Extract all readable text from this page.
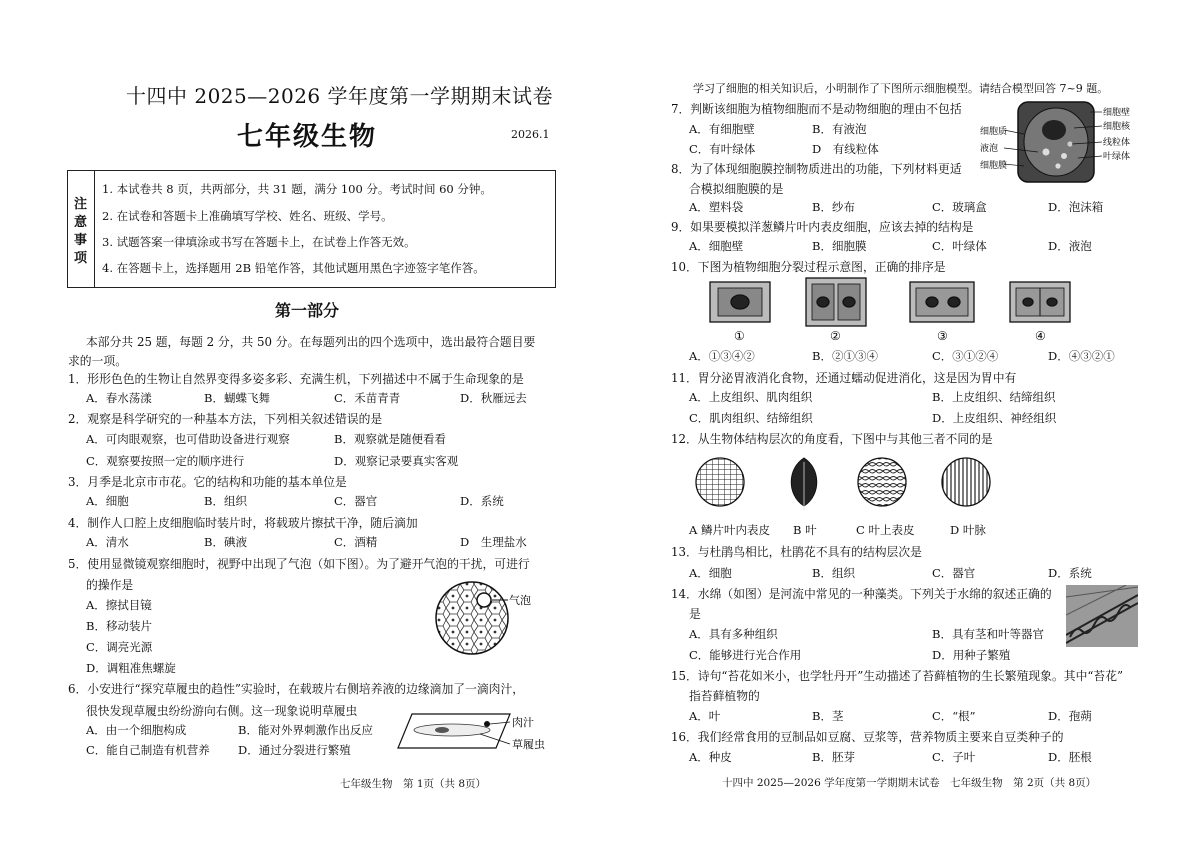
十四中 2025—2026 学年度第一学期期末试卷
七年级生物	2026.1
注
意
事
项
1. 本试卷共 8 页，共两部分，共 31 题，满分 100 分。考试时间 60 分钟。
2. 在试卷和答题卡上准确填写学校、姓名、班级、学号。
3. 试题答案一律填涂或书写在答题卡上，在试卷上作答无效。
4. 在答题卡上，选择题用 2B 铅笔作答，其他试题用黑色字迹签字笔作答。
第一部分
本部分共 25 题，每题 2 分，共 50 分。在每题列出的四个选项中，选出最符合题目要
求的一项。
1．形形色色的生物让自然界变得多姿多彩、充满生机，下列描述中不属于生命现象的是
A．春水荡漾	B．蝴蝶飞舞	C．禾苗青青	D．秋雁远去
2．观察是科学研究的一种基本方法，下列相关叙述错误的是
A．可肉眼观察，也可借助设备进行观察	B．观察就是随便看看
C．观察要按照一定的顺序进行	D．观察记录要真实客观
3．月季是北京市市花。它的结构和功能的基本单位是
A．细胞	B．组织	C．器官	D．系统
4．制作人口腔上皮细胞临时装片时，将载玻片擦拭干净，随后滴加
A．清水	B．碘液	C．酒精	D　生理盐水
5．使用显微镜观察细胞时，视野中出现了气泡（如下图）。为了避开气泡的干扰，可进行
的操作是
A．擦拭目镜
B．移动装片
C．调亮光源
D．调粗准焦螺旋
气泡
6．小安进行“探究草履虫的趋性”实验时，在载玻片右侧培养液的边缘滴加了一滴肉汁，
很快发现草履虫纷纷游向右侧。这一现象说明草履虫
A．由一个细胞构成	B．能对外界刺激作出反应
C．能自己制造有机营养 D．通过分裂进行繁殖
肉汁
草履虫
七年级生物　第 1页（共 8页）
学习了细胞的相关知识后，小明制作了下图所示细胞模型。请结合模型回答 7~9 题。
7．判断该细胞为植物细胞而不是动物细胞的理由不包括
A．有细胞壁	B．有液泡
C．有叶绿体	D　有线粒体
细胞质
液泡
细胞膜
细胞壁
细胞核
线粒体
叶绿体
8．为了体现细胞膜控制物质进出的功能，下列材料更适
合模拟细胞膜的是
A．塑料袋	B．纱布	C．玻璃盒	D．泡沫箱
9．如果要模拟洋葱鳞片叶内表皮细胞，应该去掉的结构是
A．细胞壁	B．细胞膜	C．叶绿体	D．液泡
10．下图为植物细胞分裂过程示意图，正确的排序是
①	②	③	④
A．①③④②	B．②①③④	C．③①②④	D．④③②①
11．胃分泌胃液消化食物，还通过蠕动促进消化，这是因为胃中有
A．上皮组织、肌肉组织	B．上皮组织、结缔组织
C．肌肉组织、结缔组织	D．上皮组织、神经组织
12．从生物体结构层次的角度看，下图中与其他三者不同的是
A 鳞片叶内表皮 B 叶	C 叶上表皮	D 叶脉
13．与杜鹃鸟相比，杜鹃花不具有的结构层次是
A．细胞	B．组织	C．器官	D．系统
14．水绵（如图）是河流中常见的一种藻类。下列关于水绵的叙述正确的
是
A．具有多种组织	B．具有茎和叶等器官
C．能够进行光合作用	D．用种子繁殖
15．诗句“苔花如米小，也学牡丹开”生动描述了苔藓植物的生长繁殖现象。其中“苔花”
指苔藓植物的
A．叶	B．茎	C．“根”	D．孢蒴
16．我们经常食用的豆制品如豆腐、豆浆等，营养物质主要来自豆类种子的
A．种皮	B．胚芽	C．子叶	D．胚根
十四中 2025—2026 学年度第一学期期末试卷　七年级生物　第 2页（共 8页）
